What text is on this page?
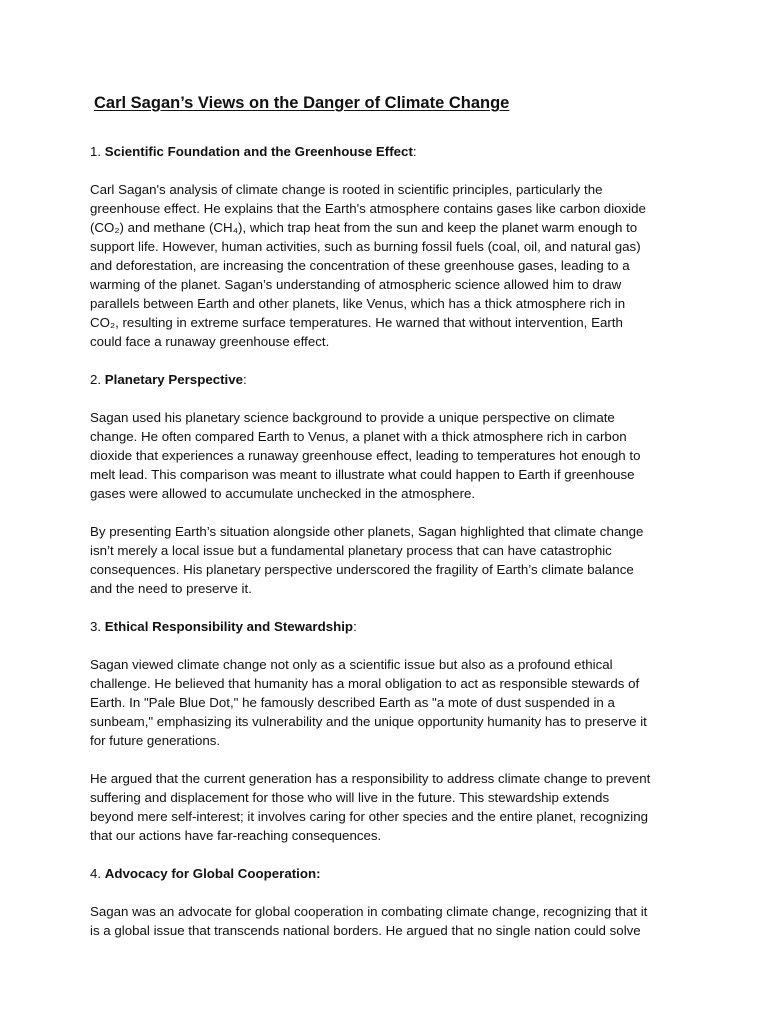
Carl Sagan’s Views on the Danger of Climate Change

1. Scientific Foundation and the Greenhouse Effect:

Carl Sagan's analysis of climate change is rooted in scientific principles, particularly the
greenhouse effect. He explains that the Earth's atmosphere contains gases like carbon dioxide
(CO₂) and methane (CH₄), which trap heat from the sun and keep the planet warm enough to
support life. However, human activities, such as burning fossil fuels (coal, oil, and natural gas)
and deforestation, are increasing the concentration of these greenhouse gases, leading to a
warming of the planet. Sagan’s understanding of atmospheric science allowed him to draw
parallels between Earth and other planets, like Venus, which has a thick atmosphere rich in
CO₂, resulting in extreme surface temperatures. He warned that without intervention, Earth
could face a runaway greenhouse effect.

2. Planetary Perspective:

Sagan used his planetary science background to provide a unique perspective on climate
change. He often compared Earth to Venus, a planet with a thick atmosphere rich in carbon
dioxide that experiences a runaway greenhouse effect, leading to temperatures hot enough to
melt lead. This comparison was meant to illustrate what could happen to Earth if greenhouse
gases were allowed to accumulate unchecked in the atmosphere.

By presenting Earth’s situation alongside other planets, Sagan highlighted that climate change
isn’t merely a local issue but a fundamental planetary process that can have catastrophic
consequences. His planetary perspective underscored the fragility of Earth’s climate balance
and the need to preserve it.

3. Ethical Responsibility and Stewardship:

Sagan viewed climate change not only as a scientific issue but also as a profound ethical
challenge. He believed that humanity has a moral obligation to act as responsible stewards of
Earth. In "Pale Blue Dot," he famously described Earth as "a mote of dust suspended in a
sunbeam," emphasizing its vulnerability and the unique opportunity humanity has to preserve it
for future generations.

He argued that the current generation has a responsibility to address climate change to prevent
suffering and displacement for those who will live in the future. This stewardship extends
beyond mere self-interest; it involves caring for other species and the entire planet, recognizing
that our actions have far-reaching consequences.

4. Advocacy for Global Cooperation:

Sagan was an advocate for global cooperation in combating climate change, recognizing that it
is a global issue that transcends national borders. He argued that no single nation could solve
